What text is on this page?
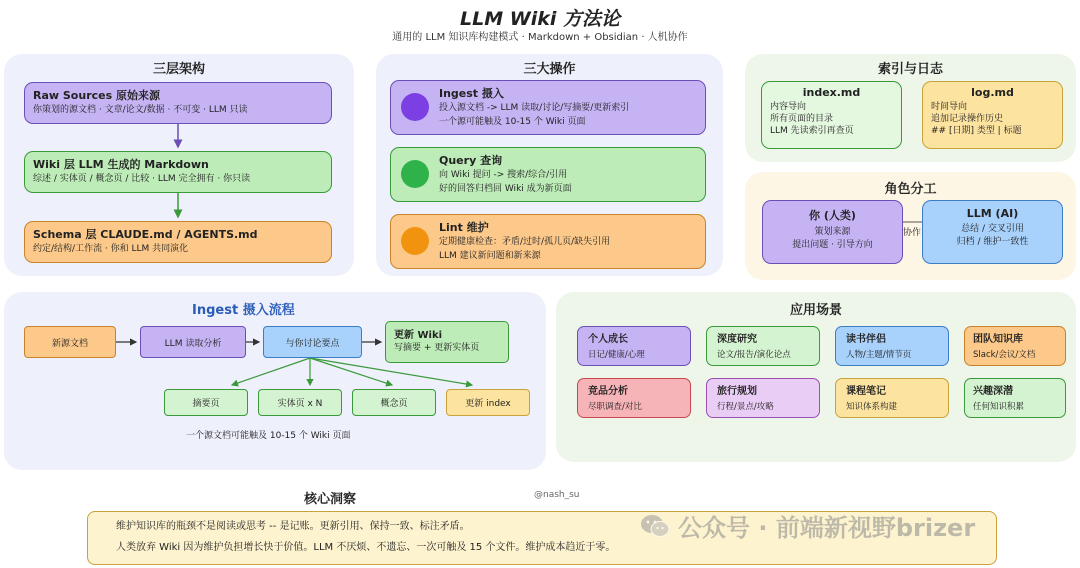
LLM Wiki 方法论
通用的 LLM 知识库构建模式 · Markdown + Obsidian · 人机协作
三层架构
Raw Sources 原始来源
你策划的源文档 · 文章/论文/数据 · 不可变 · LLM 只读
Wiki 层 LLM 生成的 Markdown
综述 / 实体页 / 概念页 / 比较 · LLM 完全拥有 · 你只读
Schema 层 CLAUDE.md / AGENTS.md
约定/结构/工作流 · 你和 LLM 共同演化
三大操作
Ingest 摄入
投入源文档 -> LLM 读取/讨论/写摘要/更新索引
一个源可能触及 10-15 个 Wiki 页面
Query 查询
向 Wiki 提问 -> 搜索/综合/引用
好的回答归档回 Wiki 成为新页面
Lint 维护
定期健康检查：矛盾/过时/孤儿页/缺失引用
LLM 建议新问题和新来源
索引与日志
index.md
内容导向
所有页面的目录
LLM 先读索引再查页
log.md
时间导向
追加记录操作历史
## [日期] 类型 | 标题
角色分工
你 (人类)
策划来源
提出问题 · 引导方向
协作
LLM (AI)
总结 / 交叉引用
归档 / 维护一致性
Ingest 摄入流程
新源文档	LLM 读取分析	与你讨论要点
更新 Wiki
写摘要 + 更新实体页
摘要页	实体页 x N	概念页	更新 index
一个源文档可能触及 10-15 个 Wiki 页面
应用场景
个人成长
日记/健康/心理
深度研究
论文/报告/演化论点
读书伴侣
人物/主题/情节页
团队知识库
Slack/会议/文档
竞品分析
尽职调查/对比
旅行规划
行程/景点/攻略
课程笔记
知识体系构建
兴趣深潜
任何知识积累
核心洞察	@nash_su
维护知识库的瓶颈不是阅读或思考 -- 是记账。更新引用、保持一致、标注矛盾。
人类放弃 Wiki 因为维护负担增长快于价值。LLM 不厌烦、不遗忘、一次可触及 15 个文件。维护成本趋近于零。
公众号 · 前端新视野brizer
